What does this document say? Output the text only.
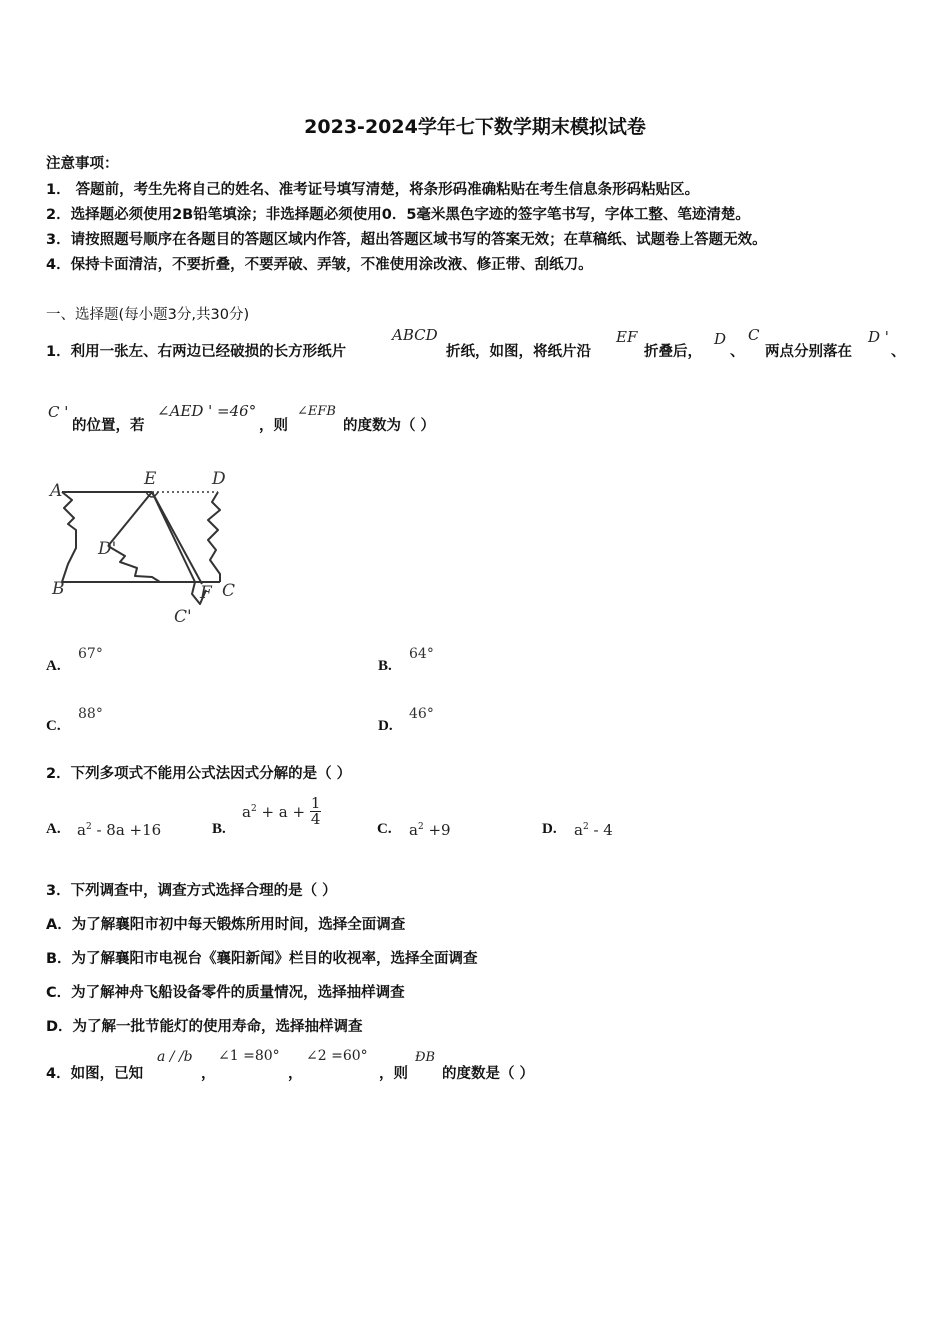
2023-2024学年七下数学期末模拟试卷
注意事项：
1． 答题前，考生先将自己的姓名、准考证号填写清楚，将条形码准确粘贴在考生信息条形码粘贴区。
2．选择题必须使用2B铅笔填涂；非选择题必须使用0．5毫米黑色字迹的签字笔书写，字体工整、笔迹清楚。
3．请按照题号顺序在各题目的答题区域内作答，超出答题区域书写的答案无效；在草稿纸、试题卷上答题无效。
4．保持卡面清洁，不要折叠，不要弄破、弄皱，不准使用涂改液、修正带、刮纸刀。
一、选择题(每小题3分,共30分)
1．利用一张左、右两边已经破损的长方形纸片
ABCD
折纸，如图，将纸片沿
EF
折叠后，
D
、
C
两点分别落在
D '
、
C '
的位置，若
∠AED ' =46°
，则
∠EFB
的度数为（ ）
A
E	D
D'
B	F C
C'
A.
67°
B.
64°
C.
88°
D.
46°
2．下列多项式不能用公式法因式分解的是（ ）
A. $a^2 - 8a +16$	B.
$a^2 + a + \frac{1}{4}$
C. $a^2 +9$	D. $a^2 - 4$
3．下列调查中，调查方式选择合理的是（ ）
A．为了解襄阳市初中每天锻炼所用时间，选择全面调查
B．为了解襄阳市电视台《襄阳新闻》栏目的收视率，选择全面调查
C．为了解神舟飞船设备零件的质量情况，选择抽样调查
D．为了解一批节能灯的使用寿命，选择抽样调查
4．如图，已知
a / /b
，
∠1 =80°
，
∠2 =60°
，则
ÐB
的度数是（ ）
